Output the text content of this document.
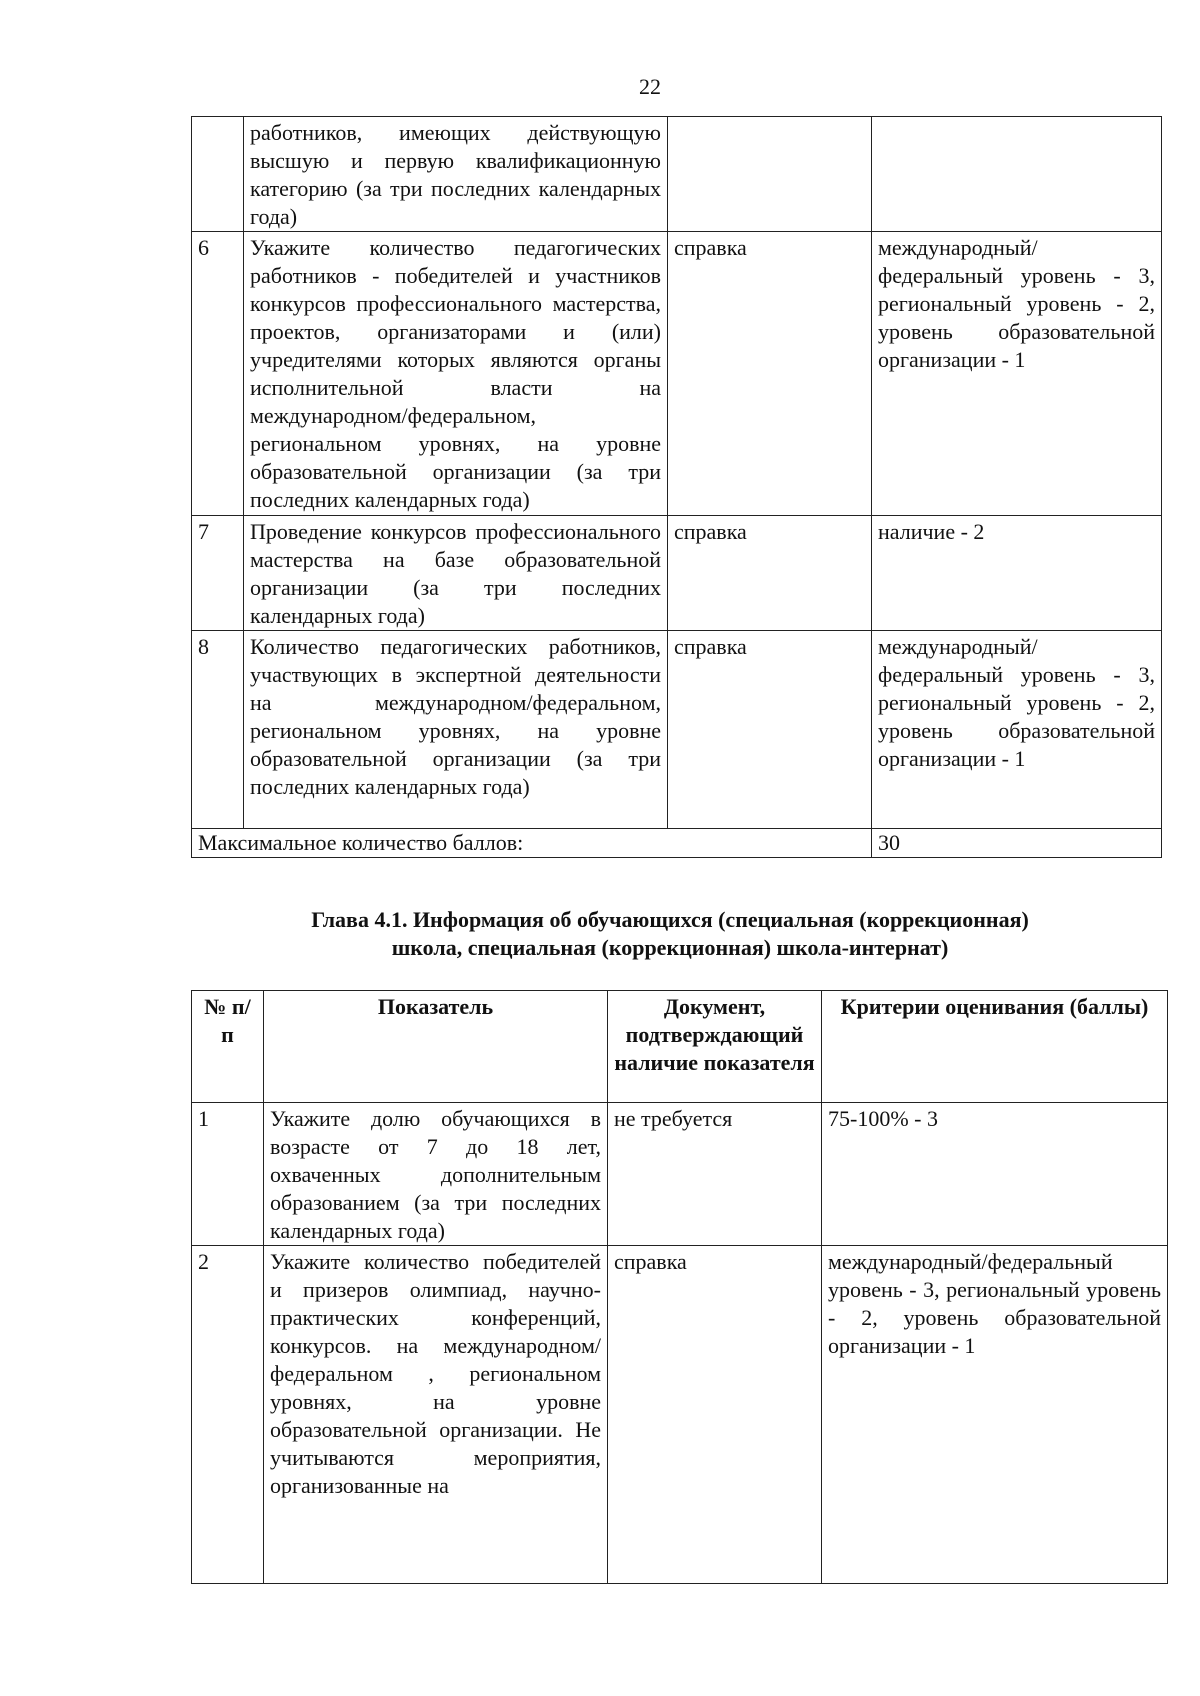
22
	работников, имеющих действующую высшую и первую квалификационную категорию (за три последних календарных года)		
6	Укажите количество педагогических работников - победителей и участников конкурсов профессионального мастерства, проектов, организаторами и (или) учредителями которых являются органы исполнительной власти на международном/федеральном, региональном уровнях, на уровне образовательной организации (за три последних календарных года)	справка	международный/федеральный уровень - 3, региональный уровень - 2, уровень образовательной организации - 1
7	Проведение конкурсов профессионального мастерства на базе образовательной организации (за три последних календарных года)	справка	наличие - 2
8	Количество педагогических работников, участвующих в экспертной деятельности на международном/федеральном, региональном уровнях, на уровне образовательной организации (за три последних календарных года)	справка	международный/федеральный уровень - 3, региональный уровень - 2, уровень образовательной организации - 1
Максимальное количество баллов:			30
Глава 4.1. Информация об обучающихся (специальная (коррекционная)
школа, специальная (коррекционная) школа-интернат)
№ п/п	Показатель	Документ, подтверждающий наличие показателя	Критерии оценивания (баллы)
1	Укажите долю обучающихся в возрасте от 7 до 18 лет, охваченных дополнительным образованием (за три последних календарных года)	не требуется	75-100% - 3
2	Укажите количество победителей и призеров олимпиад, научно-практических конференций, конкурсов. на международном/федеральном , региональном уровнях, на уровне образовательной организации. Не учитываются мероприятия, организованные на	справка	международный/федеральный уровень - 3, региональный уровень - 2, уровень образовательной организации - 1
